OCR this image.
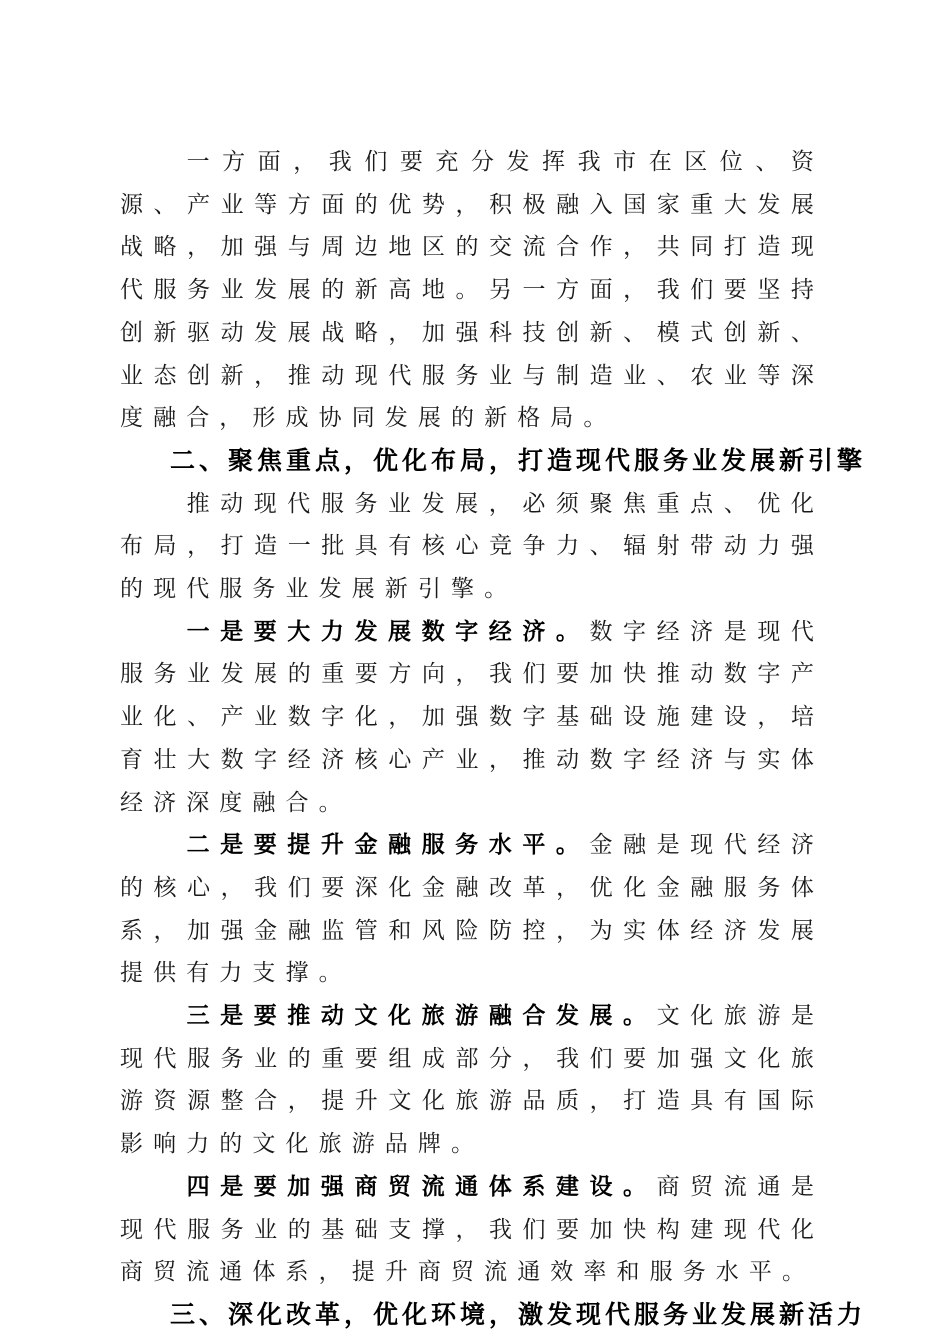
一方面，我们要充分发挥我市在区位、资源、产业等方面的优势，积极融入国家重大发展战略，加强与周边地区的交流合作，共同打造现代服务业发展的新高地。另一方面，我们要坚持创新驱动发展战略，加强科技创新、模式创新、业态创新，推动现代服务业与制造业、农业等深度融合，形成协同发展的新格局。

二、聚焦重点，优化布局，打造现代服务业发展新引擎

推动现代服务业发展，必须聚焦重点、优化布局，打造一批具有核心竞争力、辐射带动力强的现代服务业发展新引擎。

一是要大力发展数字经济。数字经济是现代服务业发展的重要方向，我们要加快推动数字产业化、产业数字化，加强数字基础设施建设，培育壮大数字经济核心产业，推动数字经济与实体经济深度融合。

二是要提升金融服务水平。金融是现代经济的核心，我们要深化金融改革，优化金融服务体系，加强金融监管和风险防控，为实体经济发展提供有力支撑。

三是要推动文化旅游融合发展。文化旅游是现代服务业的重要组成部分，我们要加强文化旅游资源整合，提升文化旅游品质，打造具有国际影响力的文化旅游品牌。

四是要加强商贸流通体系建设。商贸流通是现代服务业的基础支撑，我们要加快构建现代化商贸流通体系，提升商贸流通效率和服务水平。

三、深化改革，优化环境，激发现代服务业发展新活力
